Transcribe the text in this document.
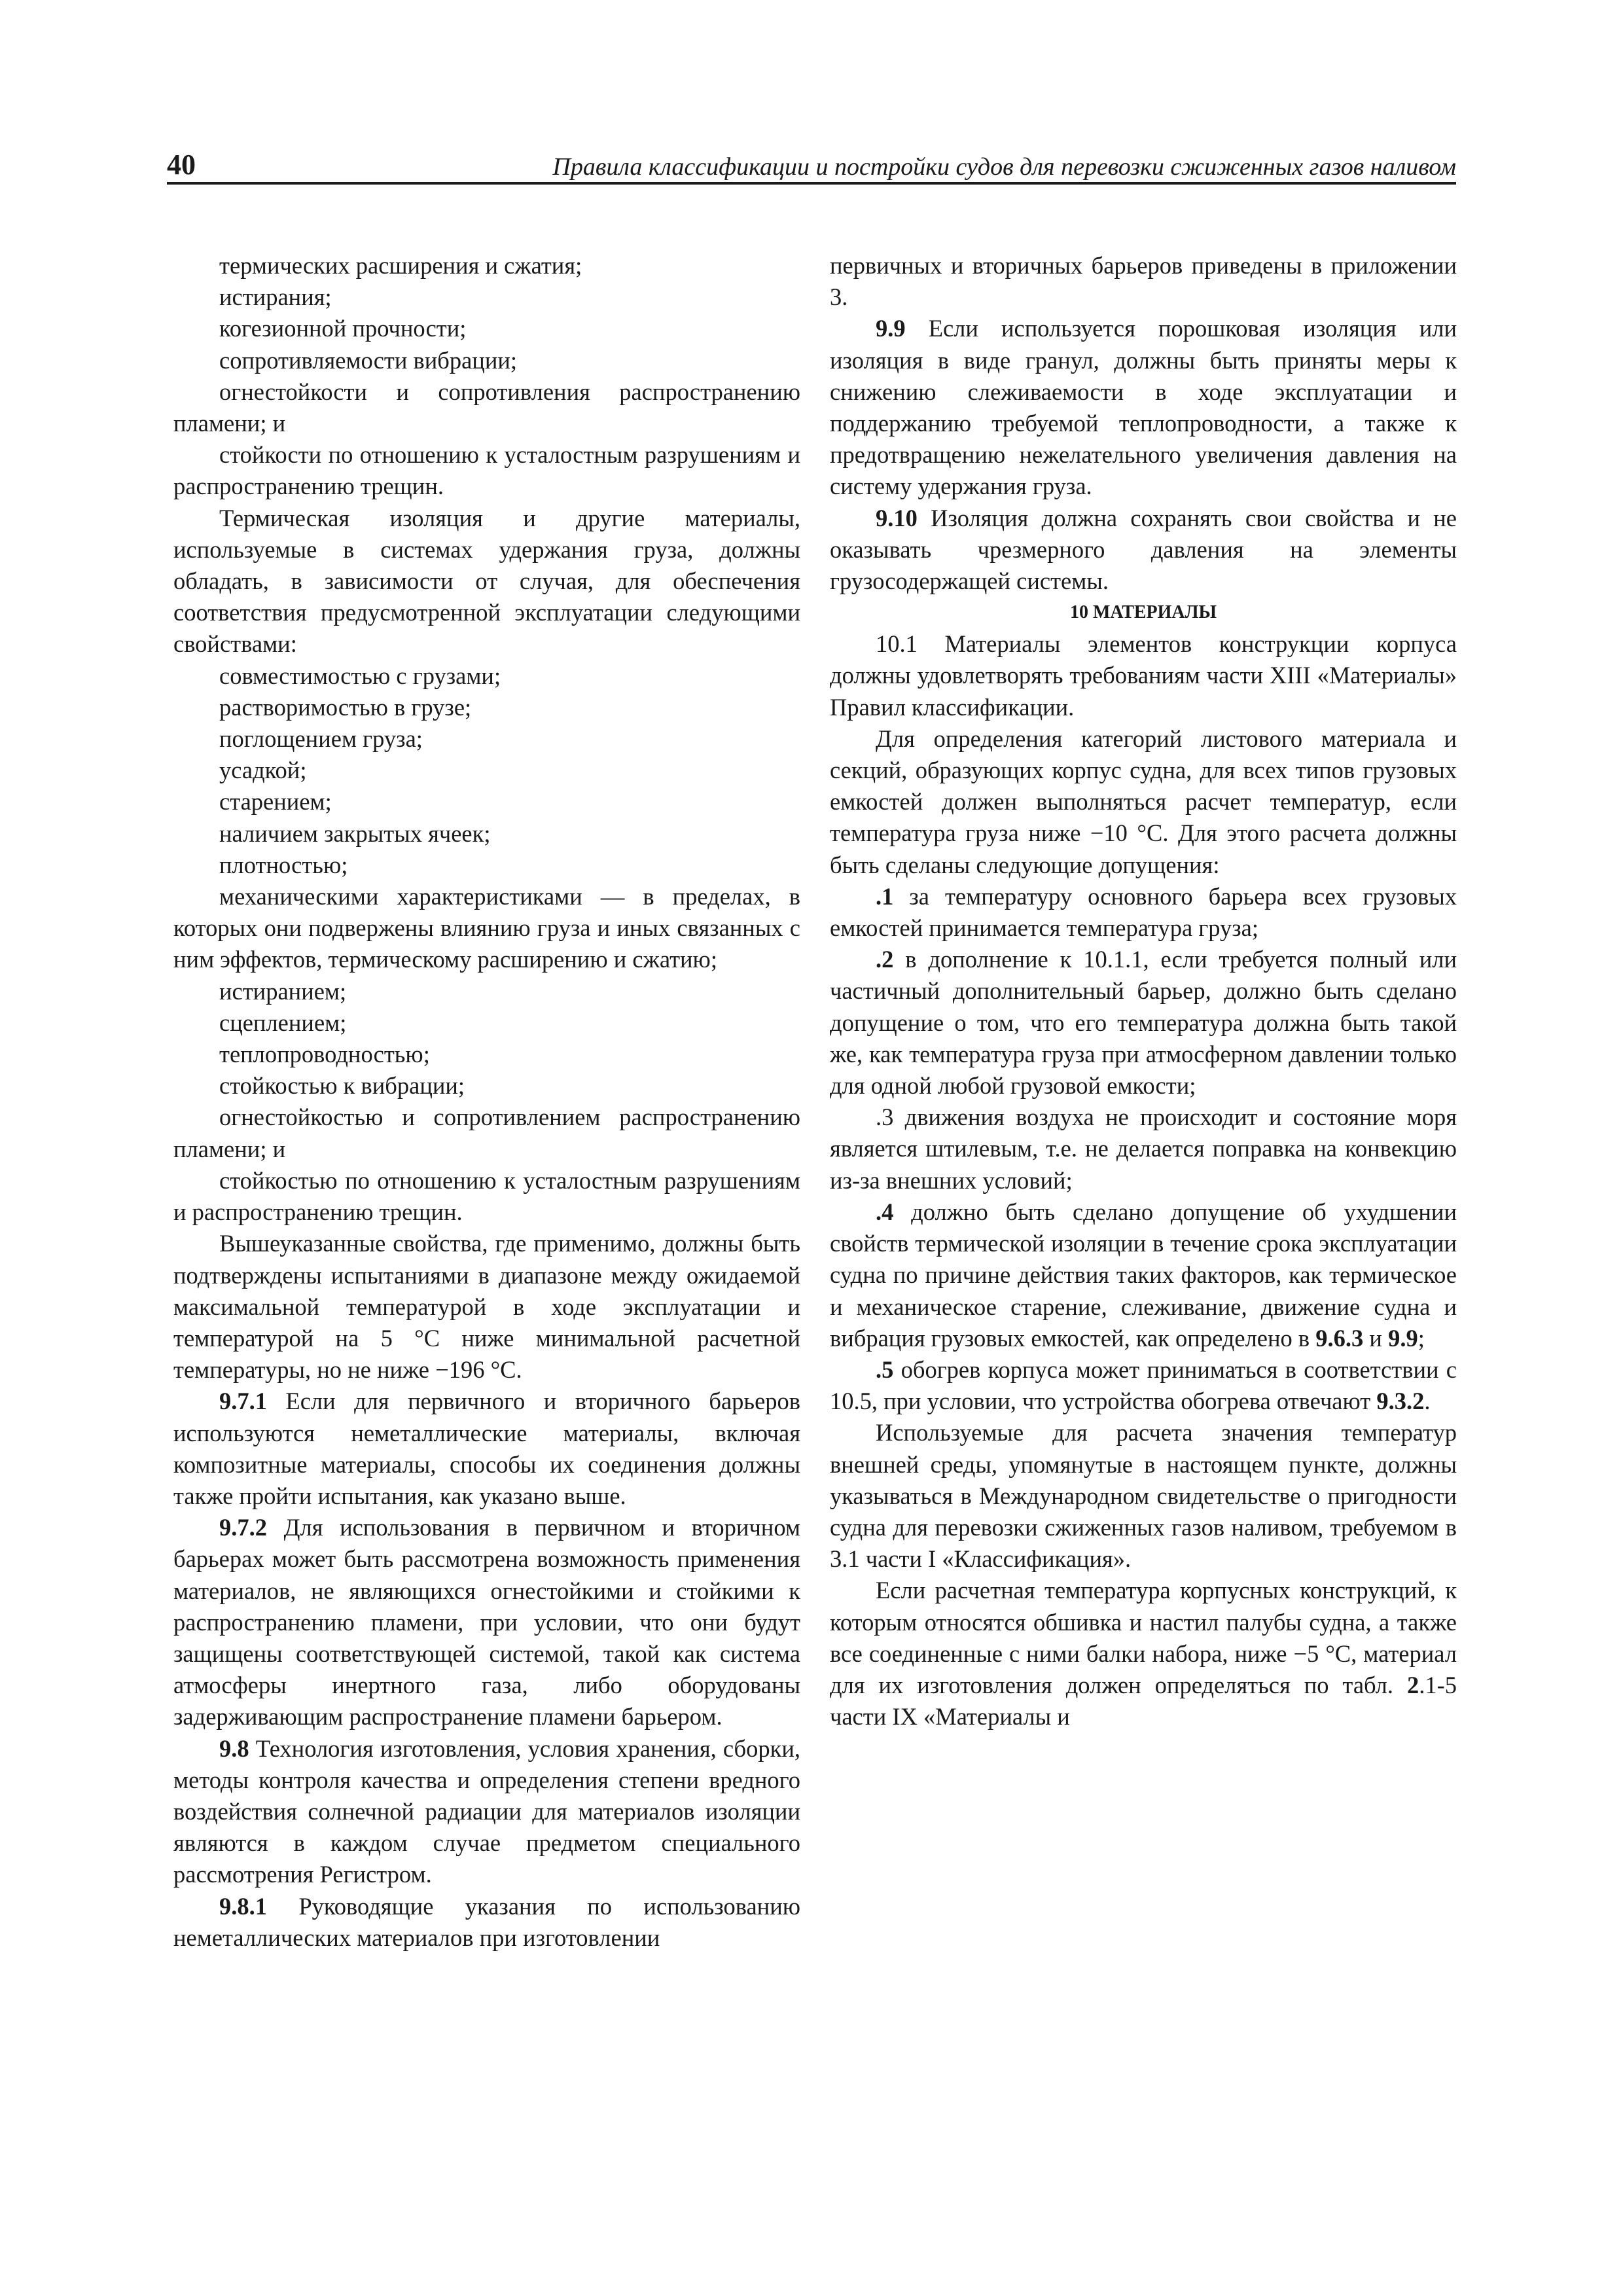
40	Правила классификации и постройки судов для перевозки сжиженных газов наливом

термических расширения и сжатия;

истирания;

когезионной прочности;

сопротивляемости вибрации;

огнестойкости и сопротивления распространению пламени; и

стойкости по отношению к усталостным разрушениям и распространению трещин.

Термическая изоляция и другие материалы, используемые в системах удержания груза, должны обладать, в зависимости от случая, для обеспечения соответствия предусмотренной эксплуатации следующими свойствами:

совместимостью с грузами;

растворимостью в грузе;

поглощением груза;

усадкой;

старением;

наличием закрытых ячеек;

плотностью;

механическими характеристиками — в пределах, в которых они подвержены влиянию груза и иных связанных с ним эффектов, термическому расширению и сжатию;

истиранием;

сцеплением;

теплопроводностью;

стойкостью к вибрации;

огнестойкостью и сопротивлением распространению пламени; и

стойкостью по отношению к усталостным разрушениям и распространению трещин.

Вышеуказанные свойства, где применимо, должны быть подтверждены испытаниями в диапазоне между ожидаемой максимальной температурой в ходе эксплуатации и температурой на 5 °С ниже минимальной расчетной температуры, но не ниже −196 °С.

9.7.1 Если для первичного и вторичного барьеров используются неметаллические материалы, включая композитные материалы, способы их соединения должны также пройти испытания, как указано выше.

9.7.2 Для использования в первичном и вторичном барьерах может быть рассмотрена возможность применения материалов, не являющихся огнестойкими и стойкими к распространению пламени, при условии, что они будут защищены соответствующей системой, такой как система атмосферы инертного газа, либо оборудованы задерживающим распространение пламени барьером.

9.8 Технология изготовления, условия хранения, сборки, методы контроля качества и определения степени вредного воздействия солнечной радиации для материалов изоляции являются в каждом случае предметом специального рассмотрения Регистром.

9.8.1 Руководящие указания по использованию неметаллических материалов при изготовлении

первичных и вторичных барьеров приведены в приложении 3.

9.9 Если используется порошковая изоляция или изоляция в виде гранул, должны быть приняты меры к снижению слеживаемости в ходе эксплуатации и поддержанию требуемой теплопроводности, а также к предотвращению нежелательного увеличения давления на систему удержания груза.

9.10 Изоляция должна сохранять свои свойства и не оказывать чрезмерного давления на элементы грузосодержащей системы.

10 МАТЕРИАЛЫ

10.1 Материалы элементов конструкции корпуса должны удовлетворять требованиям части XIII «Материалы» Правил классификации.

Для определения категорий листового материала и секций, образующих корпус судна, для всех типов грузовых емкостей должен выполняться расчет температур, если температура груза ниже −10 °С. Для этого расчета должны быть сделаны следующие допущения:

.1 за температуру основного барьера всех грузовых емкостей принимается температура груза;

.2 в дополнение к 10.1.1, если требуется полный или частичный дополнительный барьер, должно быть сделано допущение о том, что его температура должна быть такой же, как температура груза при атмосферном давлении только для одной любой грузовой емкости;

.3 движения воздуха не происходит и состояние моря является штилевым, т.е. не делается поправка на конвекцию из-за внешних условий;

.4 должно быть сделано допущение об ухудшении свойств термической изоляции в течение срока эксплуатации судна по причине действия таких факторов, как термическое и механическое старение, слеживание, движение судна и вибрация грузовых емкостей, как определено в 9.6.3 и 9.9;

.5 обогрев корпуса может приниматься в соответствии с 10.5, при условии, что устройства обогрева отвечают 9.3.2.

Используемые для расчета значения температур внешней среды, упомянутые в настоящем пункте, должны указываться в Международном свидетельстве о пригодности судна для перевозки сжиженных газов наливом, требуемом в 3.1 части I «Классификация».

Если расчетная температура корпусных конструкций, к которым относятся обшивка и настил палубы судна, а также все соединенные с ними балки набора, ниже −5 °С, материал для их изготовления должен определяться по табл. 2.1-5 части IX «Материалы и
